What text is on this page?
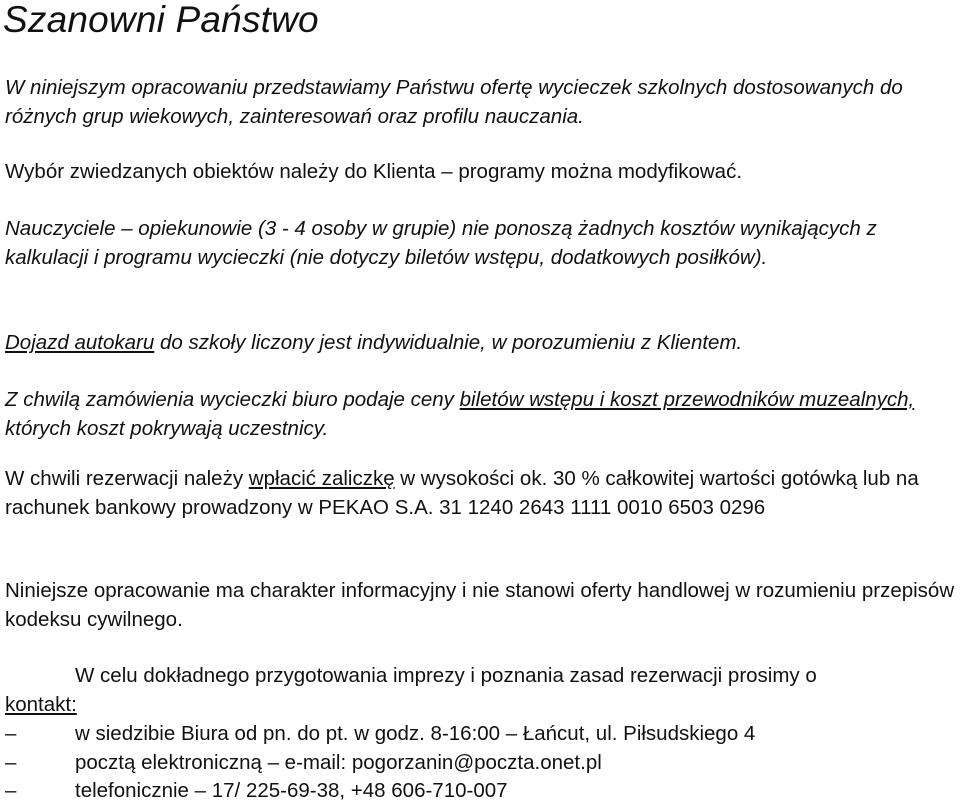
Szanowni Państwo

W niniejszym opracowaniu przedstawiamy Państwu ofertę wycieczek szkolnych dostosowanych do różnych grup wiekowych, zainteresowań oraz profilu nauczania.

Wybór zwiedzanych obiektów należy do Klienta – programy można modyfikować.

Nauczyciele – opiekunowie (3 - 4 osoby w grupie) nie ponoszą żadnych kosztów wynikających z kalkulacji i programu wycieczki (nie dotyczy biletów wstępu, dodatkowych posiłków).

Dojazd autokaru do szkoły liczony jest indywidualnie, w porozumieniu z Klientem.

Z chwilą zamówienia wycieczki biuro podaje ceny biletów wstępu i koszt przewodników muzealnych, których koszt pokrywają uczestnicy.

W chwili rezerwacji należy wpłacić zaliczkę w wysokości ok. 30 % całkowitej wartości gotówką lub na rachunek bankowy prowadzony w PEKAO S.A. 31 1240 2643 1111 0010 6503 0296

Niniejsze opracowanie ma charakter informacyjny i nie stanowi oferty handlowej w rozumieniu przepisów kodeksu cywilnego.

W celu dokładnego przygotowania imprezy i poznania zasad rezerwacji prosimy o
kontakt:

–	w siedzibie Biura od pn. do pt. w godz. 8-16:00 – Łańcut, ul. Piłsudskiego 4

–	pocztą elektroniczną – e-mail: pogorzanin@poczta.onet.pl

–	telefonicznie – 17/ 225-69-38, +48 606-710-007
